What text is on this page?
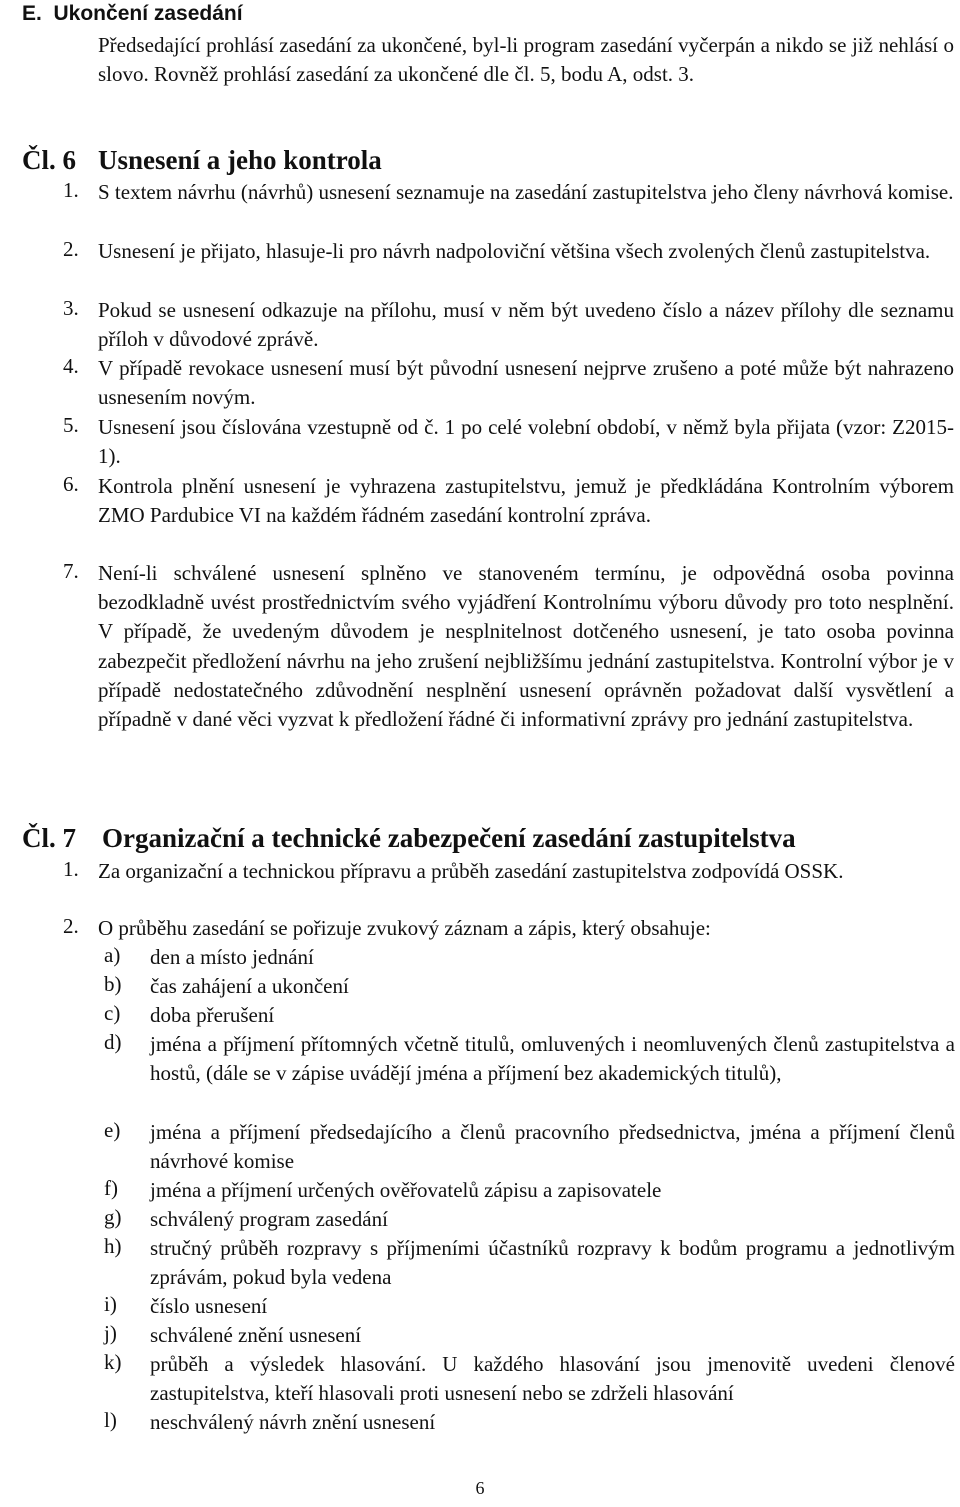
E.  Ukončení zasedání
Předsedající prohlásí zasedání za ukončené, byl-li program zasedání vyčerpán a nikdo se již nehlásí o slovo. Rovněž prohlásí zasedání za ukončené dle čl. 5, bodu A, odst. 3.
Čl. 6 Usnesení a jeho kontrola
1. S textem návrhu (návrhů) usnesení seznamuje na zasedání zastupitelstva jeho členy návrhová komise.
2. Usnesení je přijato, hlasuje-li pro návrh nadpoloviční většina všech zvolených členů zastupitelstva.
3. Pokud se usnesení odkazuje na přílohu, musí v něm být uvedeno číslo a název přílohy dle seznamu příloh v důvodové zprávě.
4. V případě revokace usnesení musí být původní usnesení nejprve zrušeno a poté může být nahrazeno usnesením novým.
5. Usnesení jsou číslována vzestupně od č. 1 po celé volební období, v němž byla přijata (vzor: Z2015-1).
6. Kontrola plnění usnesení je vyhrazena zastupitelstvu, jemuž je předkládána Kontrolním výborem ZMO Pardubice VI na každém řádném zasedání kontrolní zpráva.
7. Není-li schválené usnesení splněno ve stanoveném termínu, je odpovědná osoba povinna bezodkladně uvést prostřednictvím svého vyjádření Kontrolnímu výboru důvody pro toto nesplnění. V případě, že uvedeným důvodem je nesplnitelnost dotčeného usnesení, je tato osoba povinna zabezpečit předložení návrhu na jeho zrušení nejbližšímu jednání zastupitelstva. Kontrolní výbor je v případě nedostatečného zdůvodnění nesplnění usnesení oprávněn požadovat další vysvětlení a případně v dané věci vyzvat k předložení řádné či informativní zprávy pro jednání zastupitelstva.
Čl. 7 Organizační a technické zabezpečení zasedání zastupitelstva
1. Za organizační a technickou přípravu a průběh zasedání zastupitelstva zodpovídá OSSK.
2. O průběhu zasedání se pořizuje zvukový záznam a zápis, který obsahuje:
a) den a místo jednání
b) čas zahájení a ukončení
c) doba přerušení
d) jména a příjmení přítomných včetně titulů, omluvených i neomluvených členů zastupitelstva a hostů, (dále se v zápise uvádějí jména a příjmení bez akademických titulů),
e) jména a příjmení předsedajícího a členů pracovního předsednictva, jména a příjmení členů návrhové komise
f) jména a příjmení určených ověřovatelů zápisu a zapisovatele
g) schválený program zasedání
h) stručný průběh rozpravy s příjmeními účastníků rozpravy k bodům programu a jednotlivým zprávám, pokud byla vedena
i) číslo usnesení
j) schválené znění usnesení
k) průběh a výsledek hlasování. U každého hlasování jsou jmenovitě uvedeni členové zastupitelstva, kteří hlasovali proti usnesení nebo se zdrželi hlasování
l) neschválený návrh znění usnesení
6
